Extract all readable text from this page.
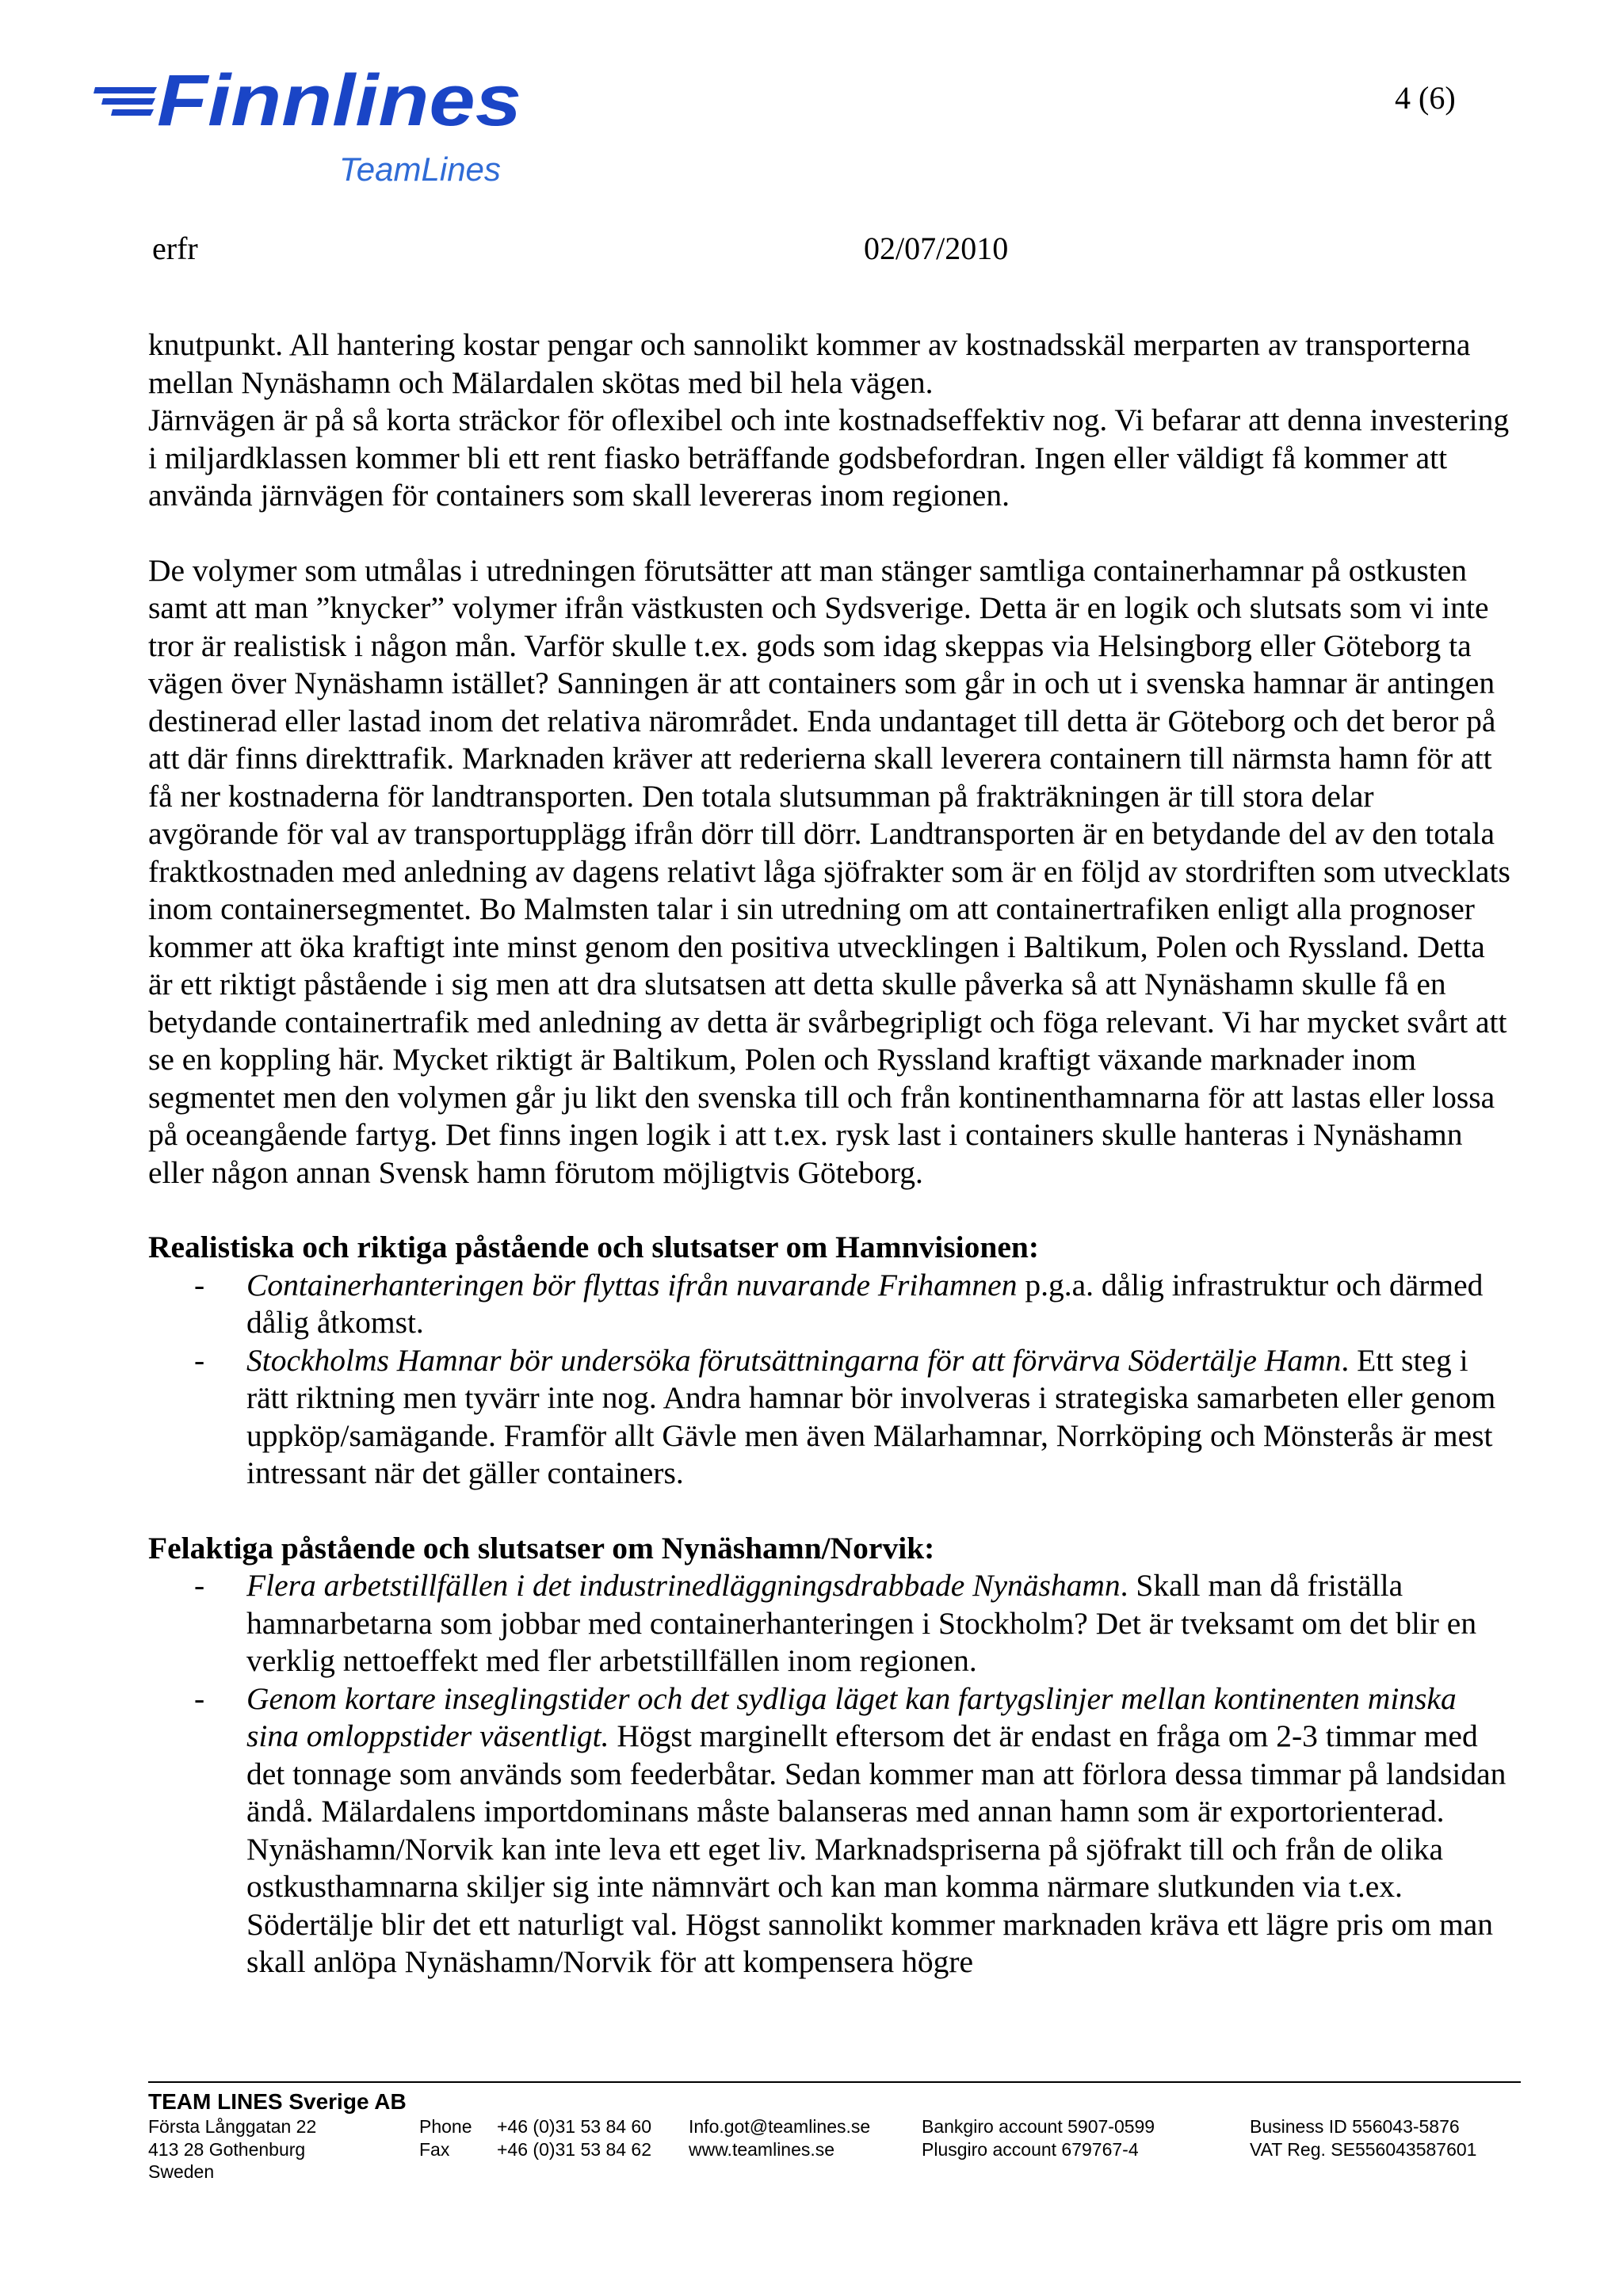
Finnlines
TeamLines
4 (6)
erfr	02/07/2010

knutpunkt. All hantering kostar pengar och sannolikt kommer av kostnadsskäl merparten av transporterna mellan Nynäshamn och Mälardalen skötas med bil hela vägen.

Järnvägen är på så korta sträckor för oflexibel och inte kostnadseffektiv nog. Vi befarar att denna investering i miljardklassen kommer bli ett rent fiasko beträffande godsbefordran. Ingen eller väldigt få kommer att använda järnvägen för containers som skall levereras inom regionen.

De volymer som utmålas i utredningen förutsätter att man stänger samtliga containerhamnar på ostkusten samt att man ”knycker” volymer ifrån västkusten och Sydsverige. Detta är en logik och slutsats som vi inte tror är realistisk i någon mån. Varför skulle t.ex. gods som idag skeppas via Helsingborg eller Göteborg ta vägen över Nynäshamn istället? Sanningen är att containers som går in och ut i svenska hamnar är antingen destinerad eller lastad inom det relativa närområdet. Enda undantaget till detta är Göteborg och det beror på att där finns direkttrafik. Marknaden kräver att rederierna skall leverera containern till närmsta hamn för att få ner kostnaderna för landtransporten. Den totala slutsumman på frakträkningen är till stora delar avgörande för val av transportupplägg ifrån dörr till dörr. Landtransporten är en betydande del av den totala fraktkostnaden med anledning av dagens relativt låga sjöfrakter som är en följd av stordriften som utvecklats inom containersegmentet. Bo Malmsten talar i sin utredning om att containertrafiken enligt alla prognoser kommer att öka kraftigt inte minst genom den positiva utvecklingen i Baltikum, Polen och Ryssland. Detta är ett riktigt påstående i sig men att dra slutsatsen att detta skulle påverka så att Nynäshamn skulle få en betydande containertrafik med anledning av detta är svårbegripligt och föga relevant. Vi har mycket svårt att se en koppling här. Mycket riktigt är Baltikum, Polen och Ryssland kraftigt växande marknader inom segmentet men den volymen går ju likt den svenska till och från kontinenthamnarna för att lastas eller lossa på oceangående fartyg. Det finns ingen logik i att t.ex. rysk last i containers skulle hanteras i Nynäshamn eller någon annan Svensk hamn förutom möjligtvis Göteborg.

Realistiska och riktiga påstående och slutsatser om Hamnvisionen:

- Containerhanteringen bör flyttas ifrån nuvarande Frihamnen p.g.a. dålig infrastruktur och därmed dålig åtkomst.
- Stockholms Hamnar bör undersöka förutsättningarna för att förvärva Södertälje Hamn. Ett steg i rätt riktning men tyvärr inte nog. Andra hamnar bör involveras i strategiska samarbeten eller genom uppköp/samägande. Framför allt Gävle men även Mälarhamnar, Norrköping och Mönsterås är mest intressant när det gäller containers.

Felaktiga påstående och slutsatser om Nynäshamn/Norvik:

- Flera arbetstillfällen i det industrinedläggningsdrabbade Nynäshamn. Skall man då friställa hamnarbetarna som jobbar med containerhanteringen i Stockholm? Det är tveksamt om det blir en verklig nettoeffekt med fler arbetstillfällen inom regionen.
- Genom kortare inseglingstider och det sydliga läget kan fartygslinjer mellan kontinenten minska sina omloppstider väsentligt. Högst marginellt eftersom det är endast en fråga om 2-3 timmar med det tonnage som används som feederbåtar. Sedan kommer man att förlora dessa timmar på landsidan ändå. Mälardalens importdominans måste balanseras med annan hamn som är exportorienterad. Nynäshamn/Norvik kan inte leva ett eget liv. Marknadspriserna på sjöfrakt till och från de olika ostkusthamnarna skiljer sig inte nämnvärt och kan man komma närmare slutkunden via t.ex. Södertälje blir det ett naturligt val. Högst sannolikt kommer marknaden kräva ett lägre pris om man skall anlöpa Nynäshamn/Norvik för att kompensera högre
TEAM LINES Sverige AB
Första Långgatan 22
413 28 Gothenburg
Sweden
Phone
Fax
+46 (0)31 53 84 60
+46 (0)31 53 84 62
Info.got@teamlines.se
www.teamlines.se
Bankgiro account 5907-0599
Plusgiro account 679767-4
Business ID 556043-5876
VAT Reg. SE556043587601
